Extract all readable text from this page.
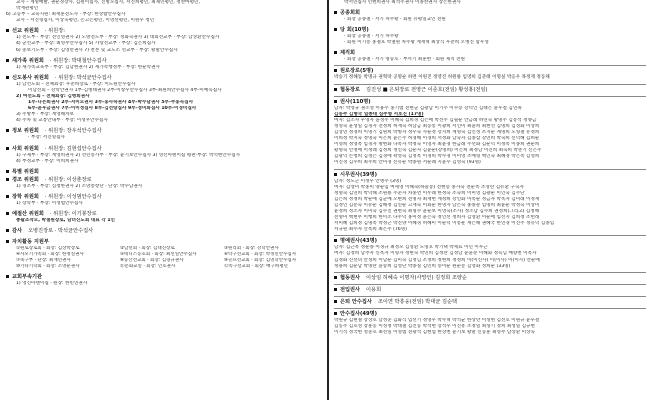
교사 – 계명배발, 권순경장사, 김원이집사, 진병모집사, 서진희평년, 최제민평년, 정찬마평년,
박재관평년
6) 고등부 – 교육지원: 최재훈전도사 · 부장: 한상밥안수집사
교사 – 서진형집사, 이상욱평년, 손고은평년, 이영선평년, 이원우 청년
선교 위원회 · 위원장:
1) 전도부 · 부장: 전인영권사 2) 노방전도부 · 부장: 정화숙권사 3) 대외선교부 · 부장: 남상환안수집사
4) 군선교부 · 부장: 최영무안수집사 5) 사랑선교부 · 부장: 김은희집사
6) 중보기도부 · 부장: 김영만권사 7) 찬본 및 교도소 선교부 · 부장: 황말안수집사
새가족 위원회 · 위원장: 박대철안수집사
1) 새가족교육부 · 부장: 김남현권사 2) 새가족행정부 · 부장: 한순학권사
신도봉사 위원회 · 위원장: 박석균안수집사
1) 남선도회 – 전체회장: 우춘희장로 · 부장: 이도원안수집사
이남선회 – 강학안권사 1부-김병태권사 2부-이창우안수집사 3부-최원희안수집사 4부-이예득집사
2) 여선도회 – 전체회장: 김병희권사
1부-나은희권사 2부-서미모권사 3부-홍사숙권사 4부-박수남권사 5부-주홍득집사
6부-윤우금권사 7부-이미정집사 8부-김선랑집사 9부-정미화집사 10부-이경미집사
3) 주방부 · 부장: 계영해차보
4) 주차 및 교통안내부 · 부장: 이성우안수집사
정보 위원회 · 위원장: 장우석안수집사
· 부장: 서진형집사
사회 위원회 · 위원장: 김현섭안수집사
1) 구제부 · 부장: 계영희권사 2) 선린봉사부 · 부장: 윤기보안수집사 3) 영신아랜이집 평판·부장: 박석현안수집사
4) 부정교부 · 부장: 이희희권사
특별 위원회
경조 위원회 · 위원장: 이상춘장로
1) 경조부 · 부장: 심청한권사 2) 소망총창단 · 단장: 박수남권사
장학 위원회 · 위원장: 이성범안수집사
1) 장학부 · 부장: 이성범안수집사
예절산 위원회 · 위원장: 이기봉장로
총괄조작모, 박철원장로, 남녀신도회 대표 각 1인
감사 오병진장로 · 박석균안수집사
자치활동 지원부
①원로장로회 · 회장: 김상박장로	②남선회 · 회장: 김대진장로	③원리회 · 회장: 강학안권사
④사모기가족회 · 회장: 한정실권사	⑤테니스동호회 · 회장: 최선일안수집사	⑥탁구선교회 · 회장: 박경민안수집사
⑦축구부 · 단장: 최재민권사	⑧등산선교회 · 회장: 김형규권사	⑨골프선교회 · 회장: 김영학안수집사
⑩기타기학회 · 회장: 조영순권사	⑪문화교실 · 회장: 인호권사	⑫족구선교회 · 회장: 배구희평년
교회부속기관
1) 영신아랜이집 · 원장: 한빈연권사
박서연집사 민현희권사 최석주권사 이종찬권사 장은한권사
공종희회
· 회장 공종철 · 서기 차주황 · 회원 유평일교인 전원
당 회(10명)
· 회장 공종철 · 서기 차주황
· 회원 이기봉 홍철호 박철원 차주황 계재혁 최상식 우춘희 오병진 함우성
제직회
· 회장 공종철 · 서기 명승호 · 부서기 최훈현 · 회원 제직 전원
원로장로(5명)
박승기 정해동 박명규 권혁락 공명순 하면 이원진 정영진 허원룡 임영희 김준태 이명실 박응우 목정재 정동채
협동장로 김진성 ■ 은퇴장로 전영근 이준호(전임) 황성홍(전임)
권사(110명)
남자: 박영규 권소성 이용수 홍기범 전현군 김광남 이기수 이수송 강덕인 김태은 윤우걸 김연목
김동주 김병국 일종대 심주형 서호진 (17명)
여자: 김소자 우영자 윤성주 이혜숙 김희경 김은애 박선주 김필순 안금례 하연숙 황명주 김봉석 정양금
정영숙 윤성일 김경자 전정희 허재숙 허남금 최동봉 이광희 서인미 최윤희 최현선 김명희 김성화 이상희
김상연 정경희 이명기 김원희 박병자 정우숙 사순정 강지희 계명숙 김인성 조지순 계명희 노형철 유정희
이희정 박지숙 정명숙 이은희 윤은주 허경해 이경희 서정화 남숙자 김종삼 강연희 박숙희 신덕해 김희순
이영희 정영옥 임경자 방현화 나옥자 박정숙 이영자 최윤경 한금례 주선화 김순덕 이정옥 이종희 권순희
황명숙 안정애 이정례 김정희 정인숙 김순자 김윤순(강명희) 이은희 최정남 이진희 최숙희 박춘기 신은주
김광익 손청희 김정은 김경애 곽영숙 김정옥 이경희 박수경 이미영 조예형 백인숙 최혜경 박은옥 김영희
이진경 김수희 최주희 안미경 신유순 박종원 서순례 지윤수 김영숙 (93명)
시무권사(39명)
남자: 정도근 이정우 안병수 (3명)
여자: 김영미 박홍미 양순임 여세영 이해숙(하늘봉) 전현승 홍사숙 전순옥 조영란 김유환 구숙자
정명숙 김연희 박덕해 조원룡 주준자 차홍면 이두례 한정숙 조숙희 이미영 김광순 이인숙 김주단
김은희 정정희 박순애 김군예 오현희 전명자 최재현 계정희 강인화 이옥순 정금자 박옥자 김미례 이정재
김정인 김문숙 이유순 김해정 김연순 고재숙 이외순 한명자 남은숙 홍종분 임명희 최윤순 박정숙 이상미
윤정희 정소자 이미숙 김수진 권현숙 최형수 윤순보 이영숙(조사) 정소남 김수희 권정희(그리고) 김정해
전명미 백현무 이행희 한이소 나주덕 홍미정 윤은숙 정인선 정희자 김영환 이순애 임선지 김희정 조헌래
서미혜 김희정 김명옥 박정근 박진양 이혜경 허혜미 이순덕 이봉운 계은해 권혜국 한연경 이진주 정유덕 김종임
서규원 최수자 산옥희 최은주 (76명)
명예권사(43명)
남자: 김근옥 정운종 이경규 최정모 김성환 노명호 박기택 박세표 이년 이우근
여자: 김정희 남추자 신옥자 이형자 정현숙 박연희 김정란 김정남 윤윤분 이해화 정득님 배향천 이옥자
김정화 신선녀 안성희 이남순 김미숙 김정님 조정희 정현희 정정희 이(이신사) 이(이사) 이(이사) 안순애
정용희 김순남 박명란 윤승희 김영단 박종실 김민희 송이순 원순문 김영화 정희순 (33명)
협동권사 이상임 허혜숙 이명자(사망인) 김정희 조양순
전입권사 이용희
은퇴 안수집사 조이연 박흥웅(전임) 박대균 김순택
안수집사(49명)
박원규 김현철 장상호 남성준 김화식 임선기 정영우 박주혁 박석균 한상만 이성현 김선호 이원규 윤우걸
김동주 김호성 장훈동 이성정 박대철 김진동 박석현 장석우 이진흥 조정일 최성기 정희 최성일 김규현
이기석 정국현 성준호 최선일 이성범 전광석 김현섭 한상천 윤기보 황말 신동훈 최영무 남상환 이상욱
